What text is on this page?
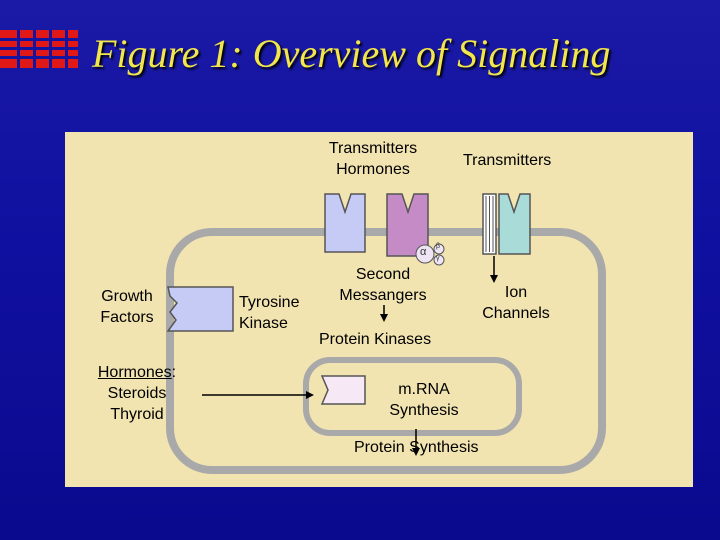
Figure 1: Overview of Signaling
Transmitters
Hormones
Transmitters
Growth
Factors
Tyrosine
Kinase
Second
Messangers	Ion
Channels
Protein Kinases
Hormones:
Steroids
Thyroid
m.RNA
Synthesis
Protein Synthesis
α β
γ
